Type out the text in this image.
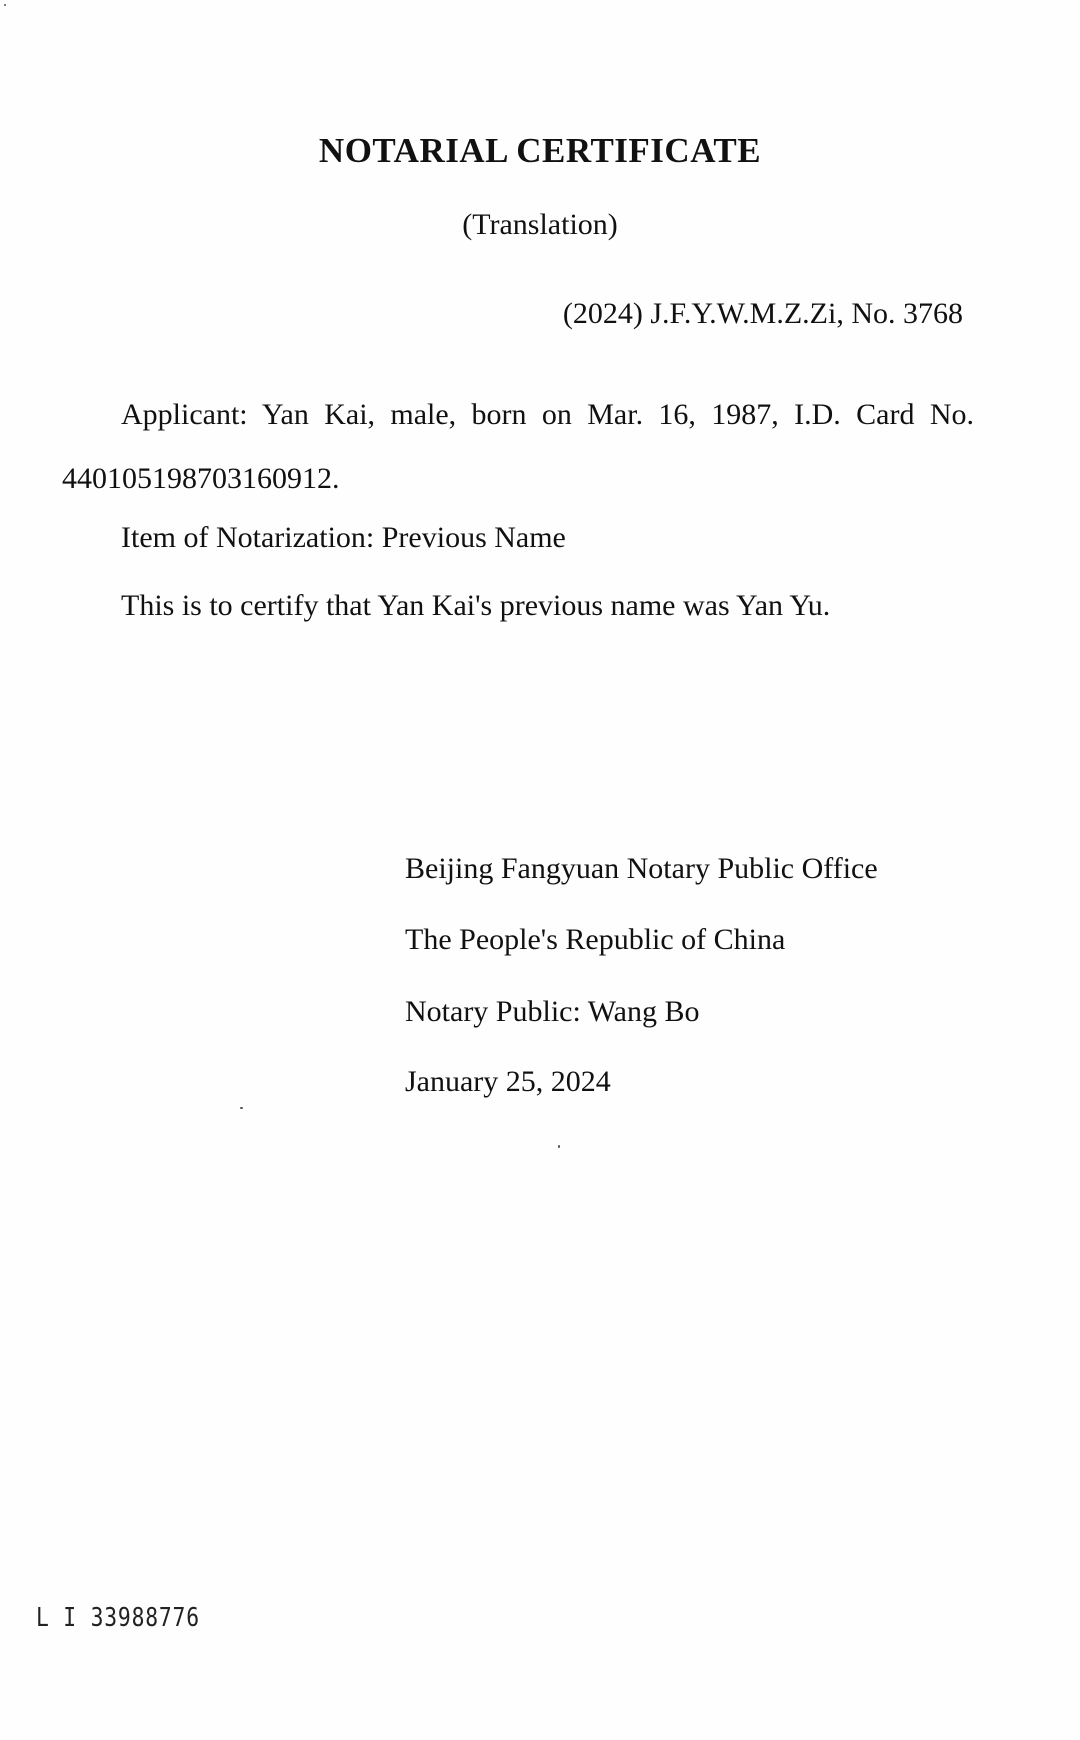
NOTARIAL CERTIFICATE
(Translation)
(2024) J.F.Y.W.M.Z.Zi, No. 3768
Applicant: Yan Kai, male, born on Mar. 16, 1987, I.D. Card No. 440105198703160912.
Item of Notarization: Previous Name
This is to certify that Yan Kai's previous name was Yan Yu.
Beijing Fangyuan Notary Public Office
The People's Republic of China
Notary Public: Wang Bo
January 25, 2024
L I 33988776
